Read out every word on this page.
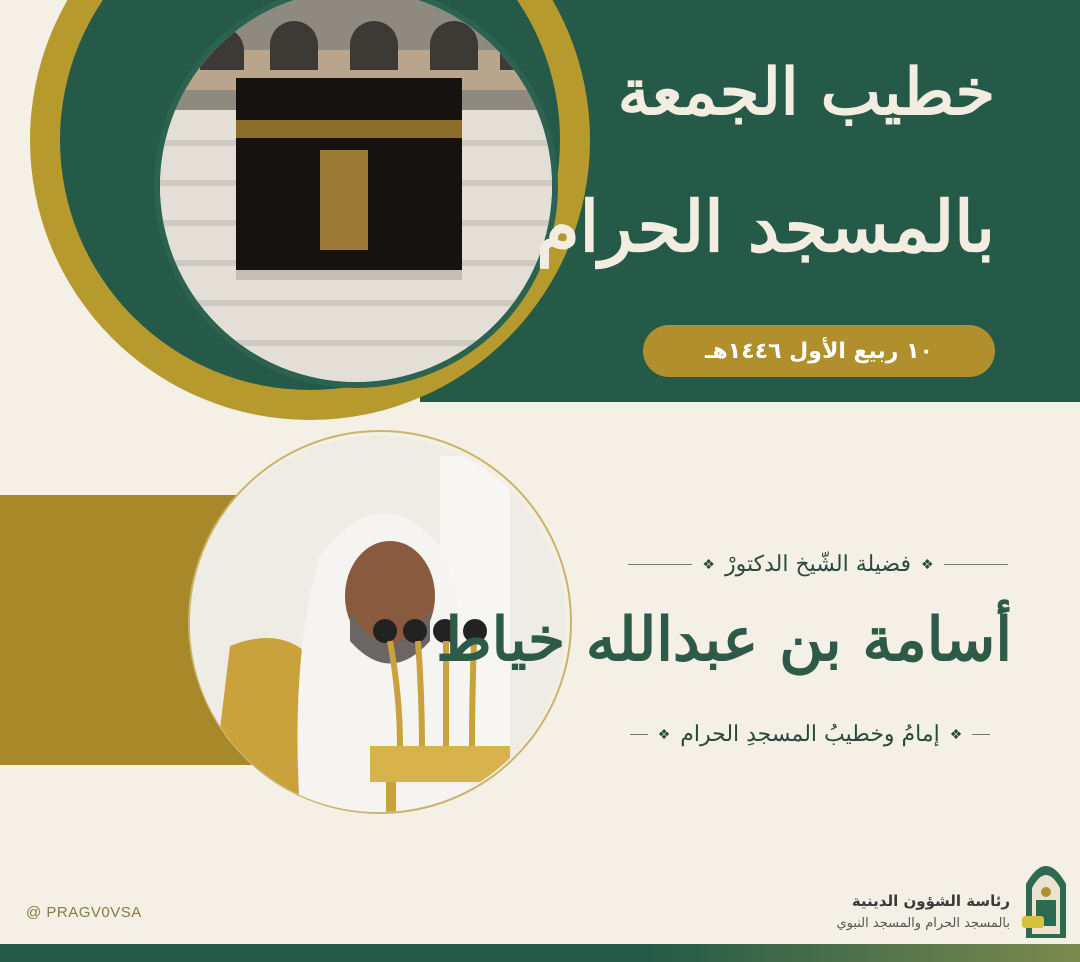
خطيب الجمعة
بالمسجد الحرام
١٠ ربيع الأول ١٤٤٦هـ
❖ فضيلة الشّيخ الدكتورْ ❖
أسامة بن عبدالله خياط
❖ إمامُ وخطيبُ المسجدِ الحرام ❖
@ PRAGV0VSA
رئاسة الشؤون الدينية
بالمسجد الحرام والمسجد النبوي
